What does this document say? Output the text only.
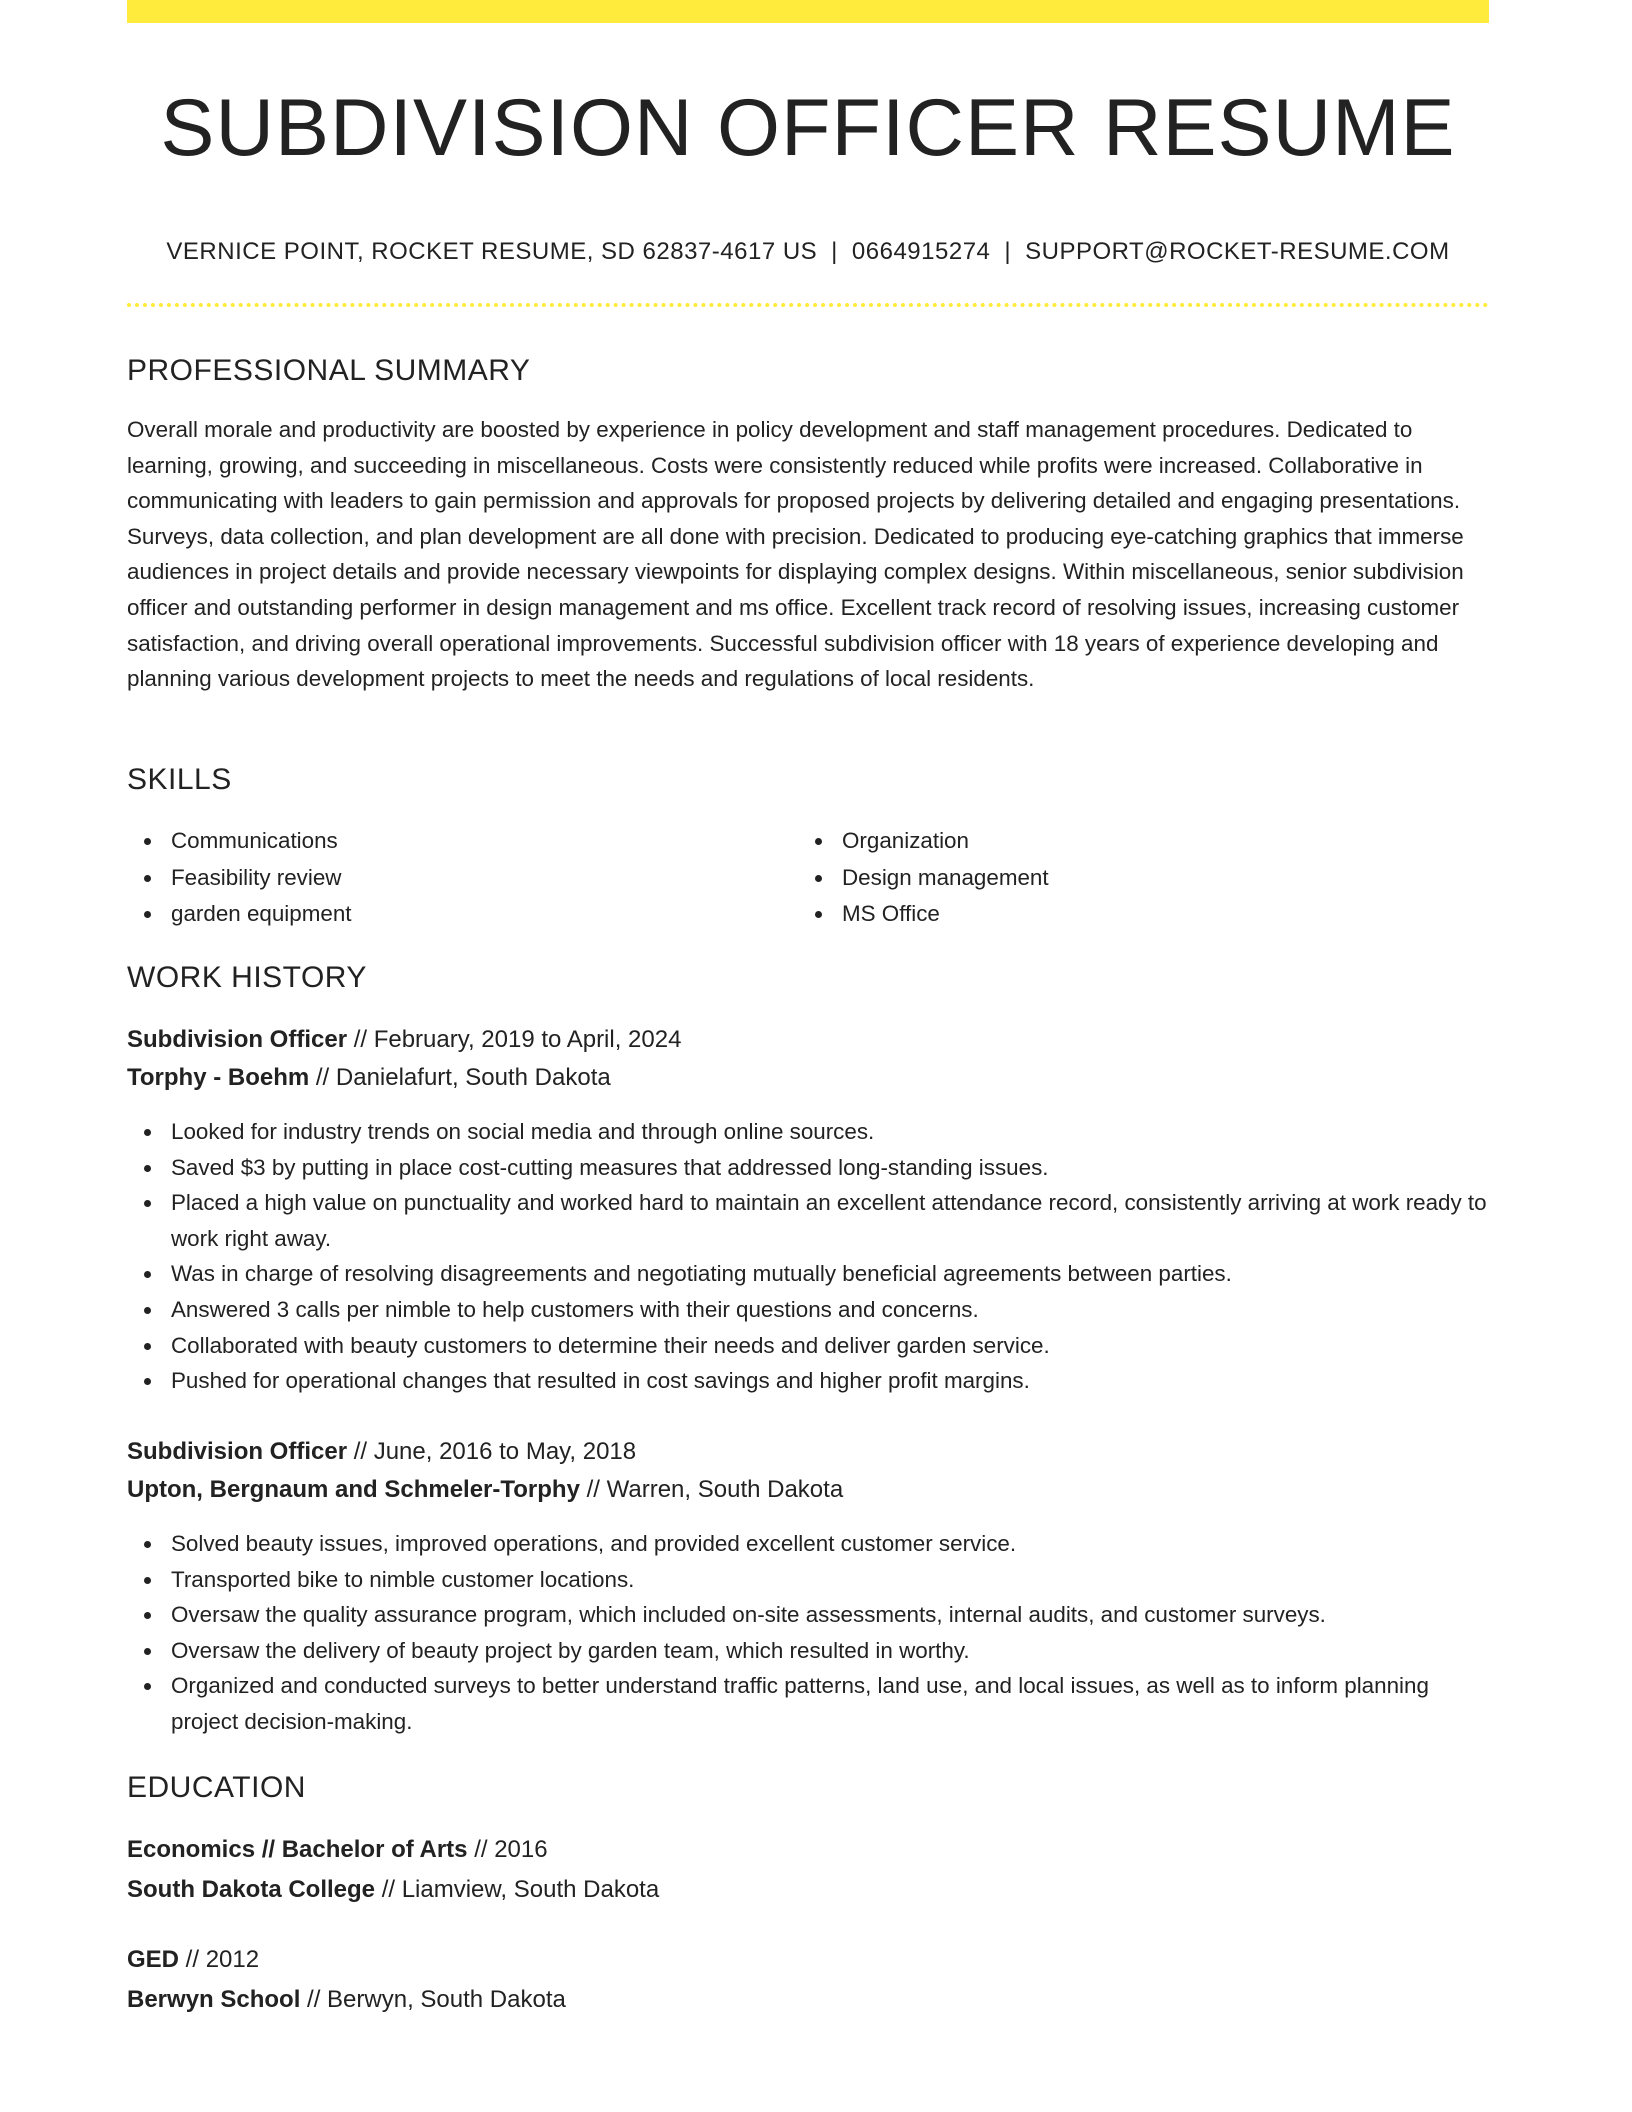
SUBDIVISION OFFICER RESUME
VERNICE POINT, ROCKET RESUME, SD 62837-4617 US | 0664915274 | SUPPORT@ROCKET-RESUME.COM
PROFESSIONAL SUMMARY
Overall morale and productivity are boosted by experience in policy development and staff management procedures. Dedicated to learning, growing, and succeeding in miscellaneous. Costs were consistently reduced while profits were increased. Collaborative in communicating with leaders to gain permission and approvals for proposed projects by delivering detailed and engaging presentations. Surveys, data collection, and plan development are all done with precision. Dedicated to producing eye-catching graphics that immerse audiences in project details and provide necessary viewpoints for displaying complex designs. Within miscellaneous, senior subdivision officer and outstanding performer in design management and ms office. Excellent track record of resolving issues, increasing customer satisfaction, and driving overall operational improvements. Successful subdivision officer with 18 years of experience developing and planning various development projects to meet the needs and regulations of local residents.
SKILLS
Communications
Feasibility review
garden equipment
Organization
Design management
MS Office
WORK HISTORY
Subdivision Officer // February, 2019 to April, 2024
Torphy - Boehm // Danielafurt, South Dakota
Looked for industry trends on social media and through online sources.
Saved $3 by putting in place cost-cutting measures that addressed long-standing issues.
Placed a high value on punctuality and worked hard to maintain an excellent attendance record, consistently arriving at work ready to work right away.
Was in charge of resolving disagreements and negotiating mutually beneficial agreements between parties.
Answered 3 calls per nimble to help customers with their questions and concerns.
Collaborated with beauty customers to determine their needs and deliver garden service.
Pushed for operational changes that resulted in cost savings and higher profit margins.
Subdivision Officer // June, 2016 to May, 2018
Upton, Bergnaum and Schmeler-Torphy // Warren, South Dakota
Solved beauty issues, improved operations, and provided excellent customer service.
Transported bike to nimble customer locations.
Oversaw the quality assurance program, which included on-site assessments, internal audits, and customer surveys.
Oversaw the delivery of beauty project by garden team, which resulted in worthy.
Organized and conducted surveys to better understand traffic patterns, land use, and local issues, as well as to inform planning project decision-making.
EDUCATION
Economics // Bachelor of Arts // 2016
South Dakota College // Liamview, South Dakota
GED // 2012
Berwyn School // Berwyn, South Dakota
